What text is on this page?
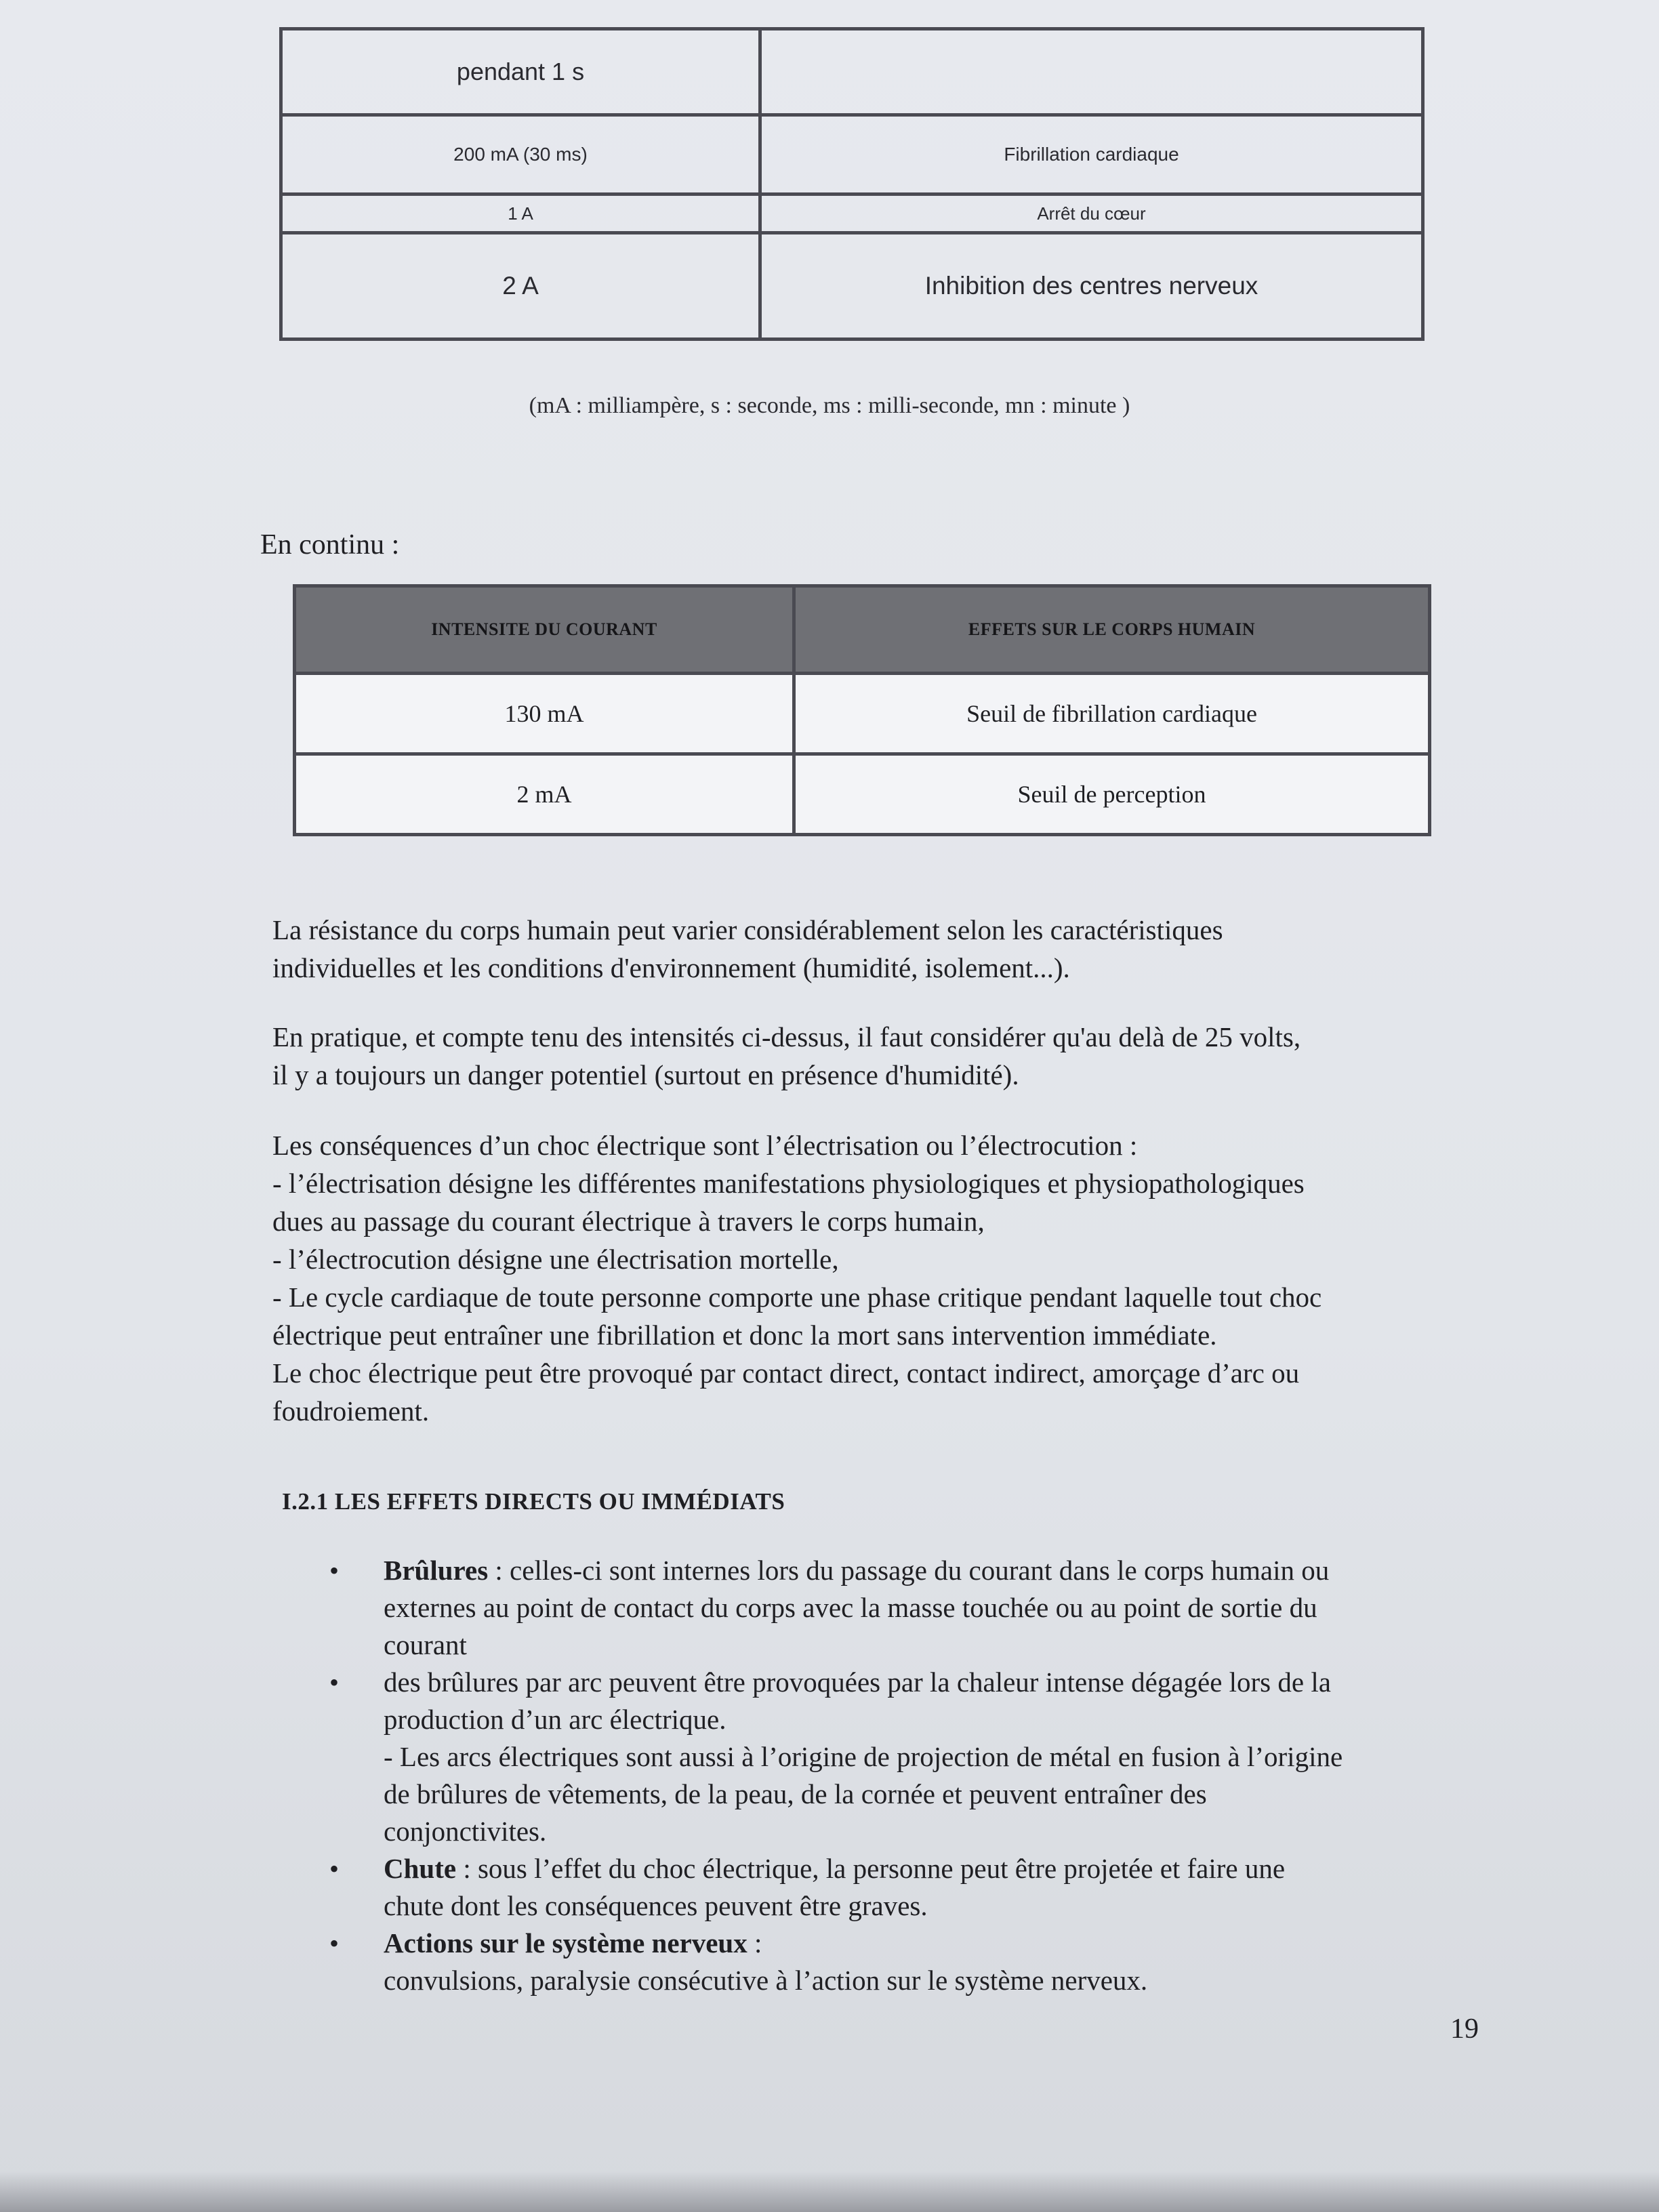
pendant 1 s	
200 mA (30 ms)	Fibrillation cardiaque
1 A	Arrêt du cœur
2 A	Inhibition des centres nerveux
(mA : milliampère, s : seconde, ms : milli-seconde, mn : minute )
En continu :
INTENSITE DU COURANT	EFFETS SUR LE CORPS HUMAIN
130 mA	Seuil de fibrillation cardiaque
2 mA	Seuil de perception

La résistance du corps humain peut varier considérablement selon les caractéristiques
individuelles et les conditions d'environnement (humidité, isolement...).

En pratique, et compte tenu des intensités ci-dessus, il faut considérer qu'au delà de 25 volts,
il y a toujours un danger potentiel (surtout en présence d'humidité).

Les conséquences d’un choc électrique sont l’électrisation ou l’électrocution :
- l’électrisation désigne les différentes manifestations physiologiques et physiopathologiques
dues au passage du courant électrique à travers le corps humain,
- l’électrocution désigne une électrisation mortelle,
- Le cycle cardiaque de toute personne comporte une phase critique pendant laquelle tout choc
électrique peut entraîner une fibrillation et donc la mort sans intervention immédiate.
Le choc électrique peut être provoqué par contact direct, contact indirect, amorçage d’arc ou
foudroiement.

I.2.1 LES EFFETS DIRECTS OU IMMÉDIATS
• Brûlures : celles-ci sont internes lors du passage du courant dans le corps humain ou
externes au point de contact du corps avec la masse touchée ou au point de sortie du
courant
• des brûlures par arc peuvent être provoquées par la chaleur intense dégagée lors de la
production d’un arc électrique.
- Les arcs électriques sont aussi à l’origine de projection de métal en fusion à l’origine
de brûlures de vêtements, de la peau, de la cornée et peuvent entraîner des
conjonctivites.
• Chute : sous l’effet du choc électrique, la personne peut être projetée et faire une
chute dont les conséquences peuvent être graves.
• Actions sur le système nerveux :
convulsions, paralysie consécutive à l’action sur le système nerveux.
19
